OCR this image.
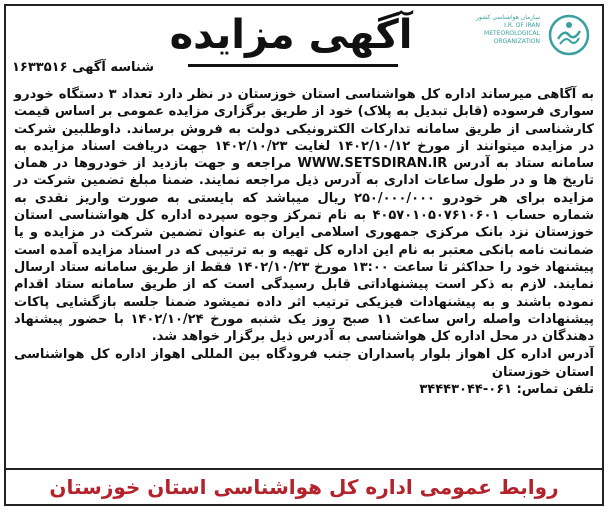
آگهی مزایده
شناسه آگهی ۱۶۳۳۵۱۶
سازمان هواشناسی کشور
I.R. OF IRAN
METEOROLOGICAL
ORGANIZATION

به آگاهی میرساند اداره کل هواشناسی استان خوزستان در نظر دارد تعداد ۳ دستگاه خودرو سواری فرسوده (قابل تبدیل به پلاک) خود از طریق برگزاری مزایده عمومی بر اساس قیمت کارشناسی از طریق سامانه تدارکات الکترونیکی دولت به فروش برساند. داوطلبین شرکت در مزایده میتوانند از مورخ ۱۴۰۲/۱۰/۱۲ لغایت ۱۴۰۲/۱۰/۲۳ جهت دریافت اسناد مزایده به سامانه ستاد به آدرس WWW.SETSDIRAN.IR مراجعه و جهت بازدید از خودروها در همان تاریخ ها و در طول ساعات اداری به آدرس ذیل مراجعه نمایند. ضمنا مبلغ تضمین شرکت در مزایده برای هر خودرو ۲۵۰/۰۰۰/۰۰۰ ریال میباشد که بایستی به صورت واریز نقدی به شماره حساب ۴۰۵۷۰۱۰۵۰۷۶۱۰۶۰۱ به نام تمرکز وجوه سپرده اداره کل هواشناسی استان خوزستان نزد بانک مرکزی جمهوری اسلامی ایران به عنوان تضمین شرکت در مزایده و یا ضمانت نامه بانکی معتبر به نام این اداره کل تهیه و به ترتیبی که در اسناد مزایده آمده است پیشنهاد خود را حداکثر تا ساعت ۱۳:۰۰ مورخ ۱۴۰۲/۱۰/۲۳ فقط از طریق سامانه ستاد ارسال نمایند. لازم به ذکر است پیشنهاداتی قابل رسیدگی است که از طریق سامانه ستاد اقدام نموده باشند و به پیشنهادات فیزیکی ترتیب اثر داده نمیشود ضمنا جلسه بازگشایی پاکات پیشنهادات واصله راس ساعت ۱۱ صبح روز یک شنبه مورخ ۱۴۰۲/۱۰/۲۴ با حضور پیشنهاد دهندگان در محل اداره کل هواشناسی به آدرس ذیل برگزار خواهد شد.

آدرس اداره کل اهواز بلوار پاسداران جنب فرودگاه بین المللی اهواز اداره کل هواشناسی استان خوزستان

تلفن تماس: ۰۶۱-۳۴۴۴۳۰۴۴

روابط عمومی اداره کل هواشناسی استان خوزستان
